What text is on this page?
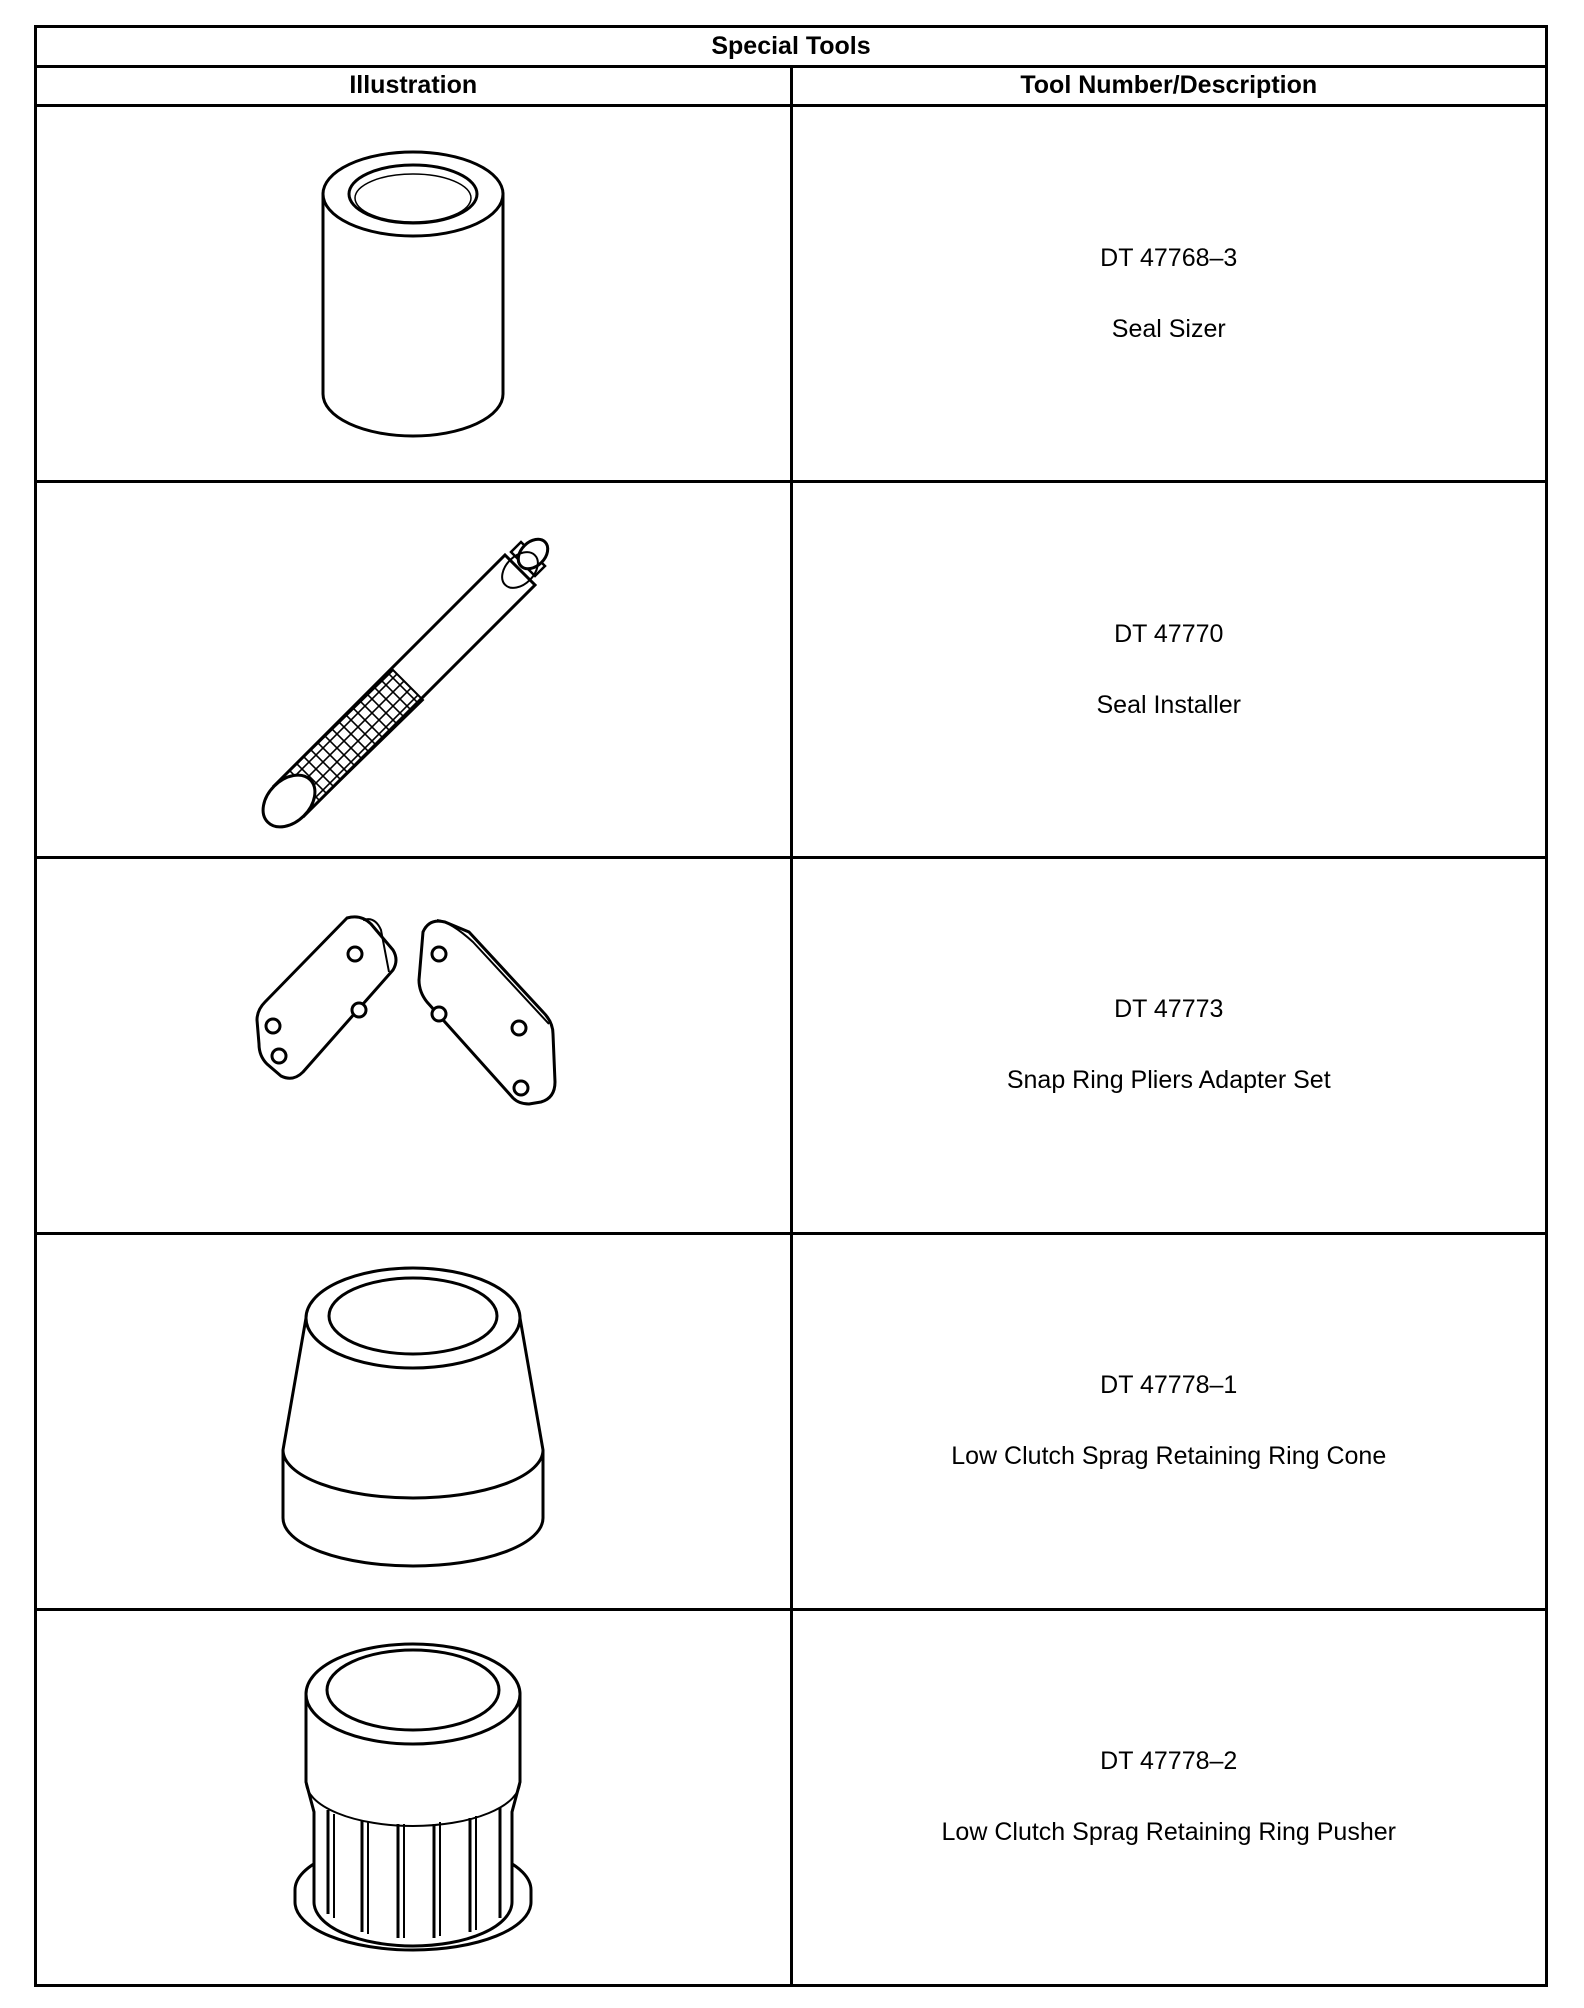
Special Tools	
Illustration	Tool Number/Description

DT 47768–3
Seal Sizer

DT 47770
Seal Installer

DT 47773
Snap Ring Pliers Adapter Set

DT 47778–1
Low Clutch Sprag Retaining Ring Cone

DT 47778–2
Low Clutch Sprag Retaining Ring Pusher
